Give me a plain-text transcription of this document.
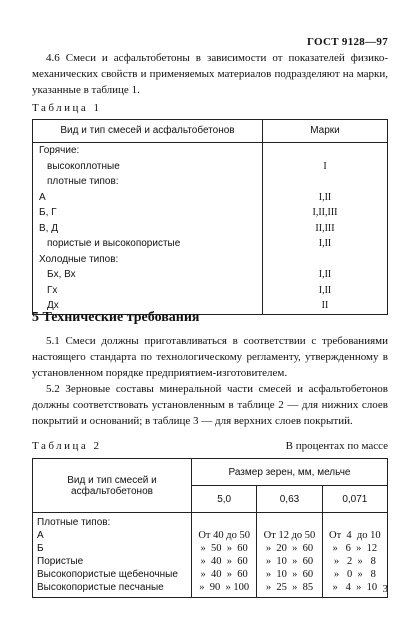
ГОСТ 9128—97
4.6 Смеси и асфальтобетоны в зависимости от показателей физико-механических свойств и применяемых материалов подразделяют на марки, указанные в таблице 1.
Таблица 1
Вид и тип смесей и асфальтобетонов	Марки
Горячие:	
высокоплотные	I
плотные типов:	
А	I,II
Б, Г	I,II,III
В, Д	II,III
пористые и высокопористые	I,II
Холодные типов:	
Бх, Вх	I,II
Гх	I,II
Дх	II
5 Технические требования
5.1 Смеси должны приготавливаться в соответствии с требованиями настоящего стандарта по технологическому регламенту, утвержденному в установленном порядке предприятием-изготовителем.
5.2 Зерновые составы минеральной части смесей и асфальтобетонов должны соответствовать установленным в таблице 2 — для нижних слоев покрытий и оснований; в таблице 3 — для верхних слоев покрытий.
Таблица 2	В процентах по массе
Вид и тип смесей и асфальтобетонов	Размер зерен, мм, мельче		
	5,0	0,63	0,071
Плотные типов:			
А	От 40 до 50	От 12 до 50	От  4  до 10
Б	»  50  »  60	»  20  »  60	»   6  »  12
Пористые	»  40  »  60	»  10  »  60	»   2  »   8
Высокопористые щебеночные	»  40  »  60	»  10  »  60	»   0  »   8
Высокопористые песчаные	»  90  » 100	»  25  »  85	»   4  »  10 3
